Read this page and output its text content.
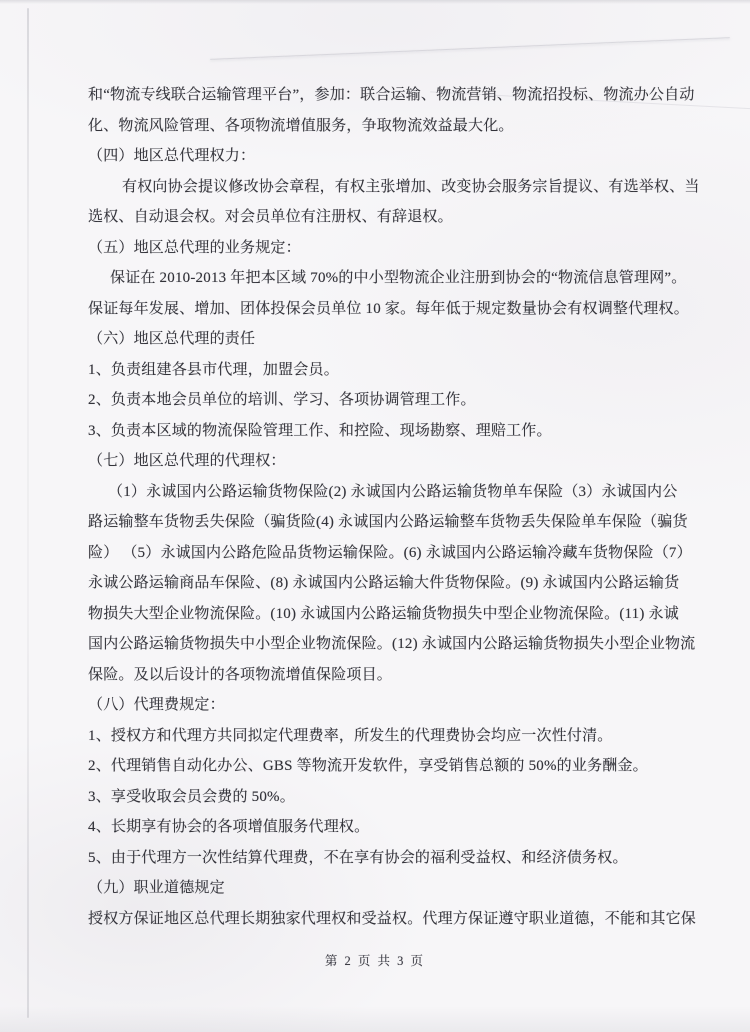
和“物流专线联合运输管理平台”，参加：联合运输、物流营销、物流招投标、物流办公自动
化、物流风险管理、各项物流增值服务，争取物流效益最大化。
（四）地区总代理权力：
有权向协会提议修改协会章程，有权主张增加、改变协会服务宗旨提议、有选举权、当
选权、自动退会权。对会员单位有注册权、有辞退权。
（五）地区总代理的业务规定：
保证在 2010-2013 年把本区域 70%的中小型物流企业注册到协会的“物流信息管理网”。
保证每年发展、增加、团体投保会员单位 10 家。每年低于规定数量协会有权调整代理权。
（六）地区总代理的责任
1、负责组建各县市代理，加盟会员。
2、负责本地会员单位的培训、学习、各项协调管理工作。
3、负责本区域的物流保险管理工作、和控险、现场勘察、理赔工作。
（七）地区总代理的代理权：
（1）永诚国内公路运输货物保险(2) 永诚国内公路运输货物单车保险（3）永诚国内公
路运输整车货物丢失保险（骗货险(4) 永诚国内公路运输整车货物丢失保险单车保险（骗货
险） （5）永诚国内公路危险品货物运输保险。(6) 永诚国内公路运输冷藏车货物保险（7）
永诚公路运输商品车保险、(8) 永诚国内公路运输大件货物保险。(9) 永诚国内公路运输货
物损失大型企业物流保险。(10) 永诚国内公路运输货物损失中型企业物流保险。(11) 永诚
国内公路运输货物损失中小型企业物流保险。(12) 永诚国内公路运输货物损失小型企业物流
保险。及以后设计的各项物流增值保险项目。
（八）代理费规定：
1、授权方和代理方共同拟定代理费率，所发生的代理费协会均应一次性付清。
2、代理销售自动化办公、GBS 等物流开发软件，享受销售总额的 50%的业务酬金。
3、享受收取会员会费的 50%。
4、长期享有协会的各项增值服务代理权。
5、由于代理方一次性结算代理费，不在享有协会的福利受益权、和经济债务权。
（九）职业道德规定
授权方保证地区总代理长期独家代理权和受益权。代理方保证遵守职业道德，不能和其它保
第 2 页 共 3 页
